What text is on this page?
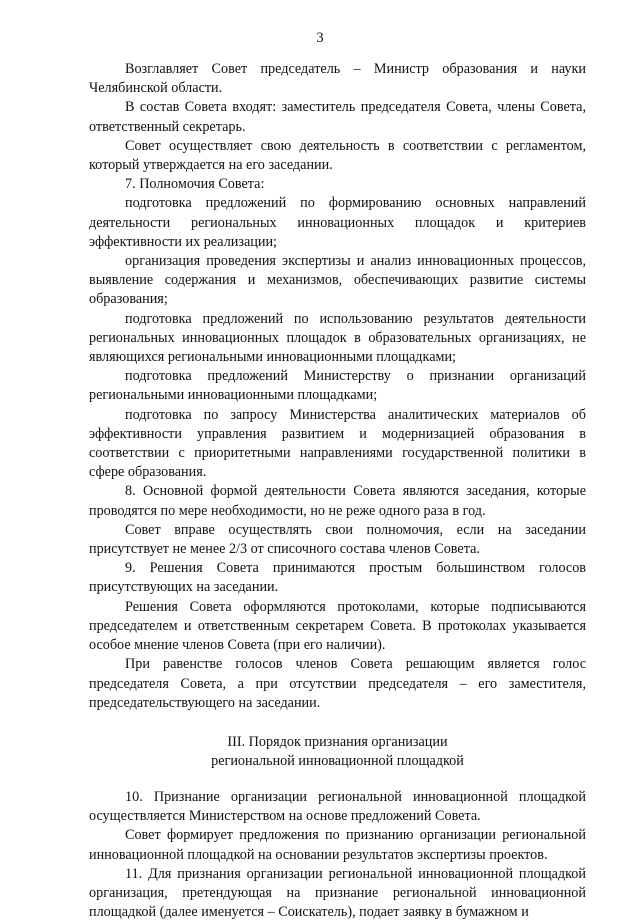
3

Возглавляет Совет председатель – Министр образования и науки Челябинской области.

В состав Совета входят: заместитель председателя Совета, члены Совета, ответственный секретарь.

Совет осуществляет свою деятельность в соответствии с регламентом, который утверждается на его заседании.

7. Полномочия Совета:

подготовка предложений по формированию основных направлений деятельности региональных инновационных площадок и критериев эффективности их реализации;

организация проведения экспертизы и анализ инновационных процессов, выявление содержания и механизмов, обеспечивающих развитие системы образования;

подготовка предложений по использованию результатов деятельности региональных инновационных площадок в образовательных организациях, не являющихся региональными инновационными площадками;

подготовка предложений Министерству о признании организаций региональными инновационными площадками;

подготовка по запросу Министерства аналитических материалов об эффективности управления развитием и модернизацией образования в соответствии с приоритетными направлениями государственной политики в сфере образования.

8. Основной формой деятельности Совета являются заседания, которые проводятся по мере необходимости, но не реже одного раза в год.

Совет вправе осуществлять свои полномочия, если на заседании присутствует не менее 2/3 от списочного состава членов Совета.

9. Решения Совета принимаются простым большинством голосов присутствующих на заседании.

Решения Совета оформляются протоколами, которые подписываются председателем и ответственным секретарем Совета. В протоколах указывается особое мнение членов Совета (при его наличии).

При равенстве голосов членов Совета решающим является голос председателя Совета, а при отсутствии председателя – его заместителя, председательствующего на заседании.

III. Порядок признания организации
региональной инновационной площадкой

10. Признание организации региональной инновационной площадкой осуществляется Министерством на основе предложений Совета.

Совет формирует предложения по признанию организации региональной инновационной площадкой на основании результатов экспертизы проектов.

11. Для признания организации региональной инновационной площадкой организация, претендующая на признание региональной инновационной площадкой (далее именуется – Соискатель), подает заявку в бумажном и
